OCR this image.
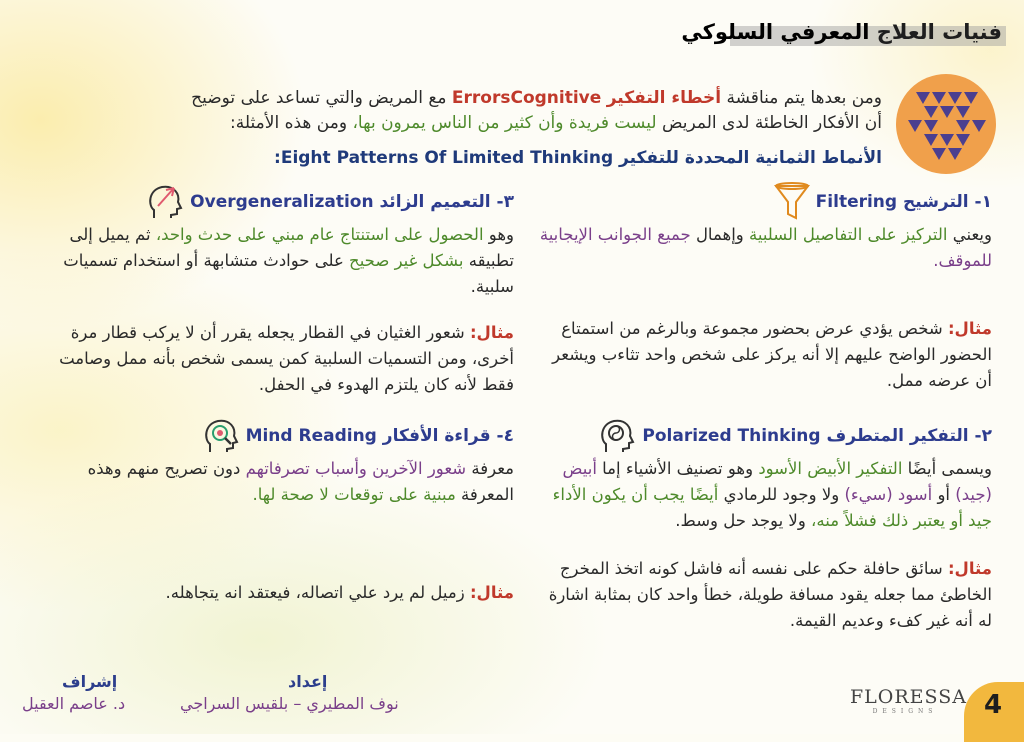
فنيات العلاج المعرفي السلوكي
ومن بعدها يتم مناقشة أخطاء التفكير ErrorsCognitive مع المريض والتي تساعد على توضيح
أن الأفكار الخاطئة لدى المريض ليست فريدة وأن كثير من الناس يمرون بها، ومن هذه الأمثلة:
الأنماط الثمانية المحددة للتفكير Eight Patterns Of Limited Thinking:
١- الترشيح Filtering
ويعني التركيز على التفاصيل السلبية وإهمال جميع الجوانب الإيجابية للموقف.
مثال: شخص يؤدي عرض بحضور مجموعة وبالرغم من استمتاع الحضور الواضح عليهم إلا أنه يركز على شخص واحد تثاءب ويشعر أن عرضه ممل.
٢- التفكير المتطرف Polarized Thinking
ويسمى أيضًا التفكير الأبيض الأسود وهو تصنيف الأشياء إما أبيض (جيد) أو أسود (سيء) ولا وجود للرمادي أيضًا يجب أن يكون الأداء جيد أو يعتبر ذلك فشلاً منه، ولا يوجد حل وسط.
مثال: سائق حافلة حكم على نفسه أنه فاشل كونه اتخذ المخرج الخاطئ مما جعله يقود مسافة طويلة، خطأ واحد كان بمثابة اشارة له أنه غير كفء وعديم القيمة.
٣- التعميم الزائد Overgeneralization
وهو الحصول على استنتاج عام مبني على حدث واحد، ثم يميل إلى تطبيقه بشكل غير صحيح على حوادث متشابهة أو استخدام تسميات سلبية.
مثال: شعور الغثيان في القطار يجعله يقرر أن لا يركب قطار مرة أخرى، ومن التسميات السلبية كمن يسمى شخص بأنه ممل وصامت فقط لأنه كان يلتزم الهدوء في الحفل.
٤- قراءة الأفكار Mind Reading
معرفة شعور الآخرين وأسباب تصرفاتهم دون تصريح منهم وهذه المعرفة مبنية على توقعات لا صحة لها.
مثال: زميل لم يرد علي اتصاله، فيعتقد انه يتجاهله.
إعداد
نوف المطيري – بلقيس السراجي
إشراف
د. عاصم العقيل	FLORESSA
DESIGNS	4
